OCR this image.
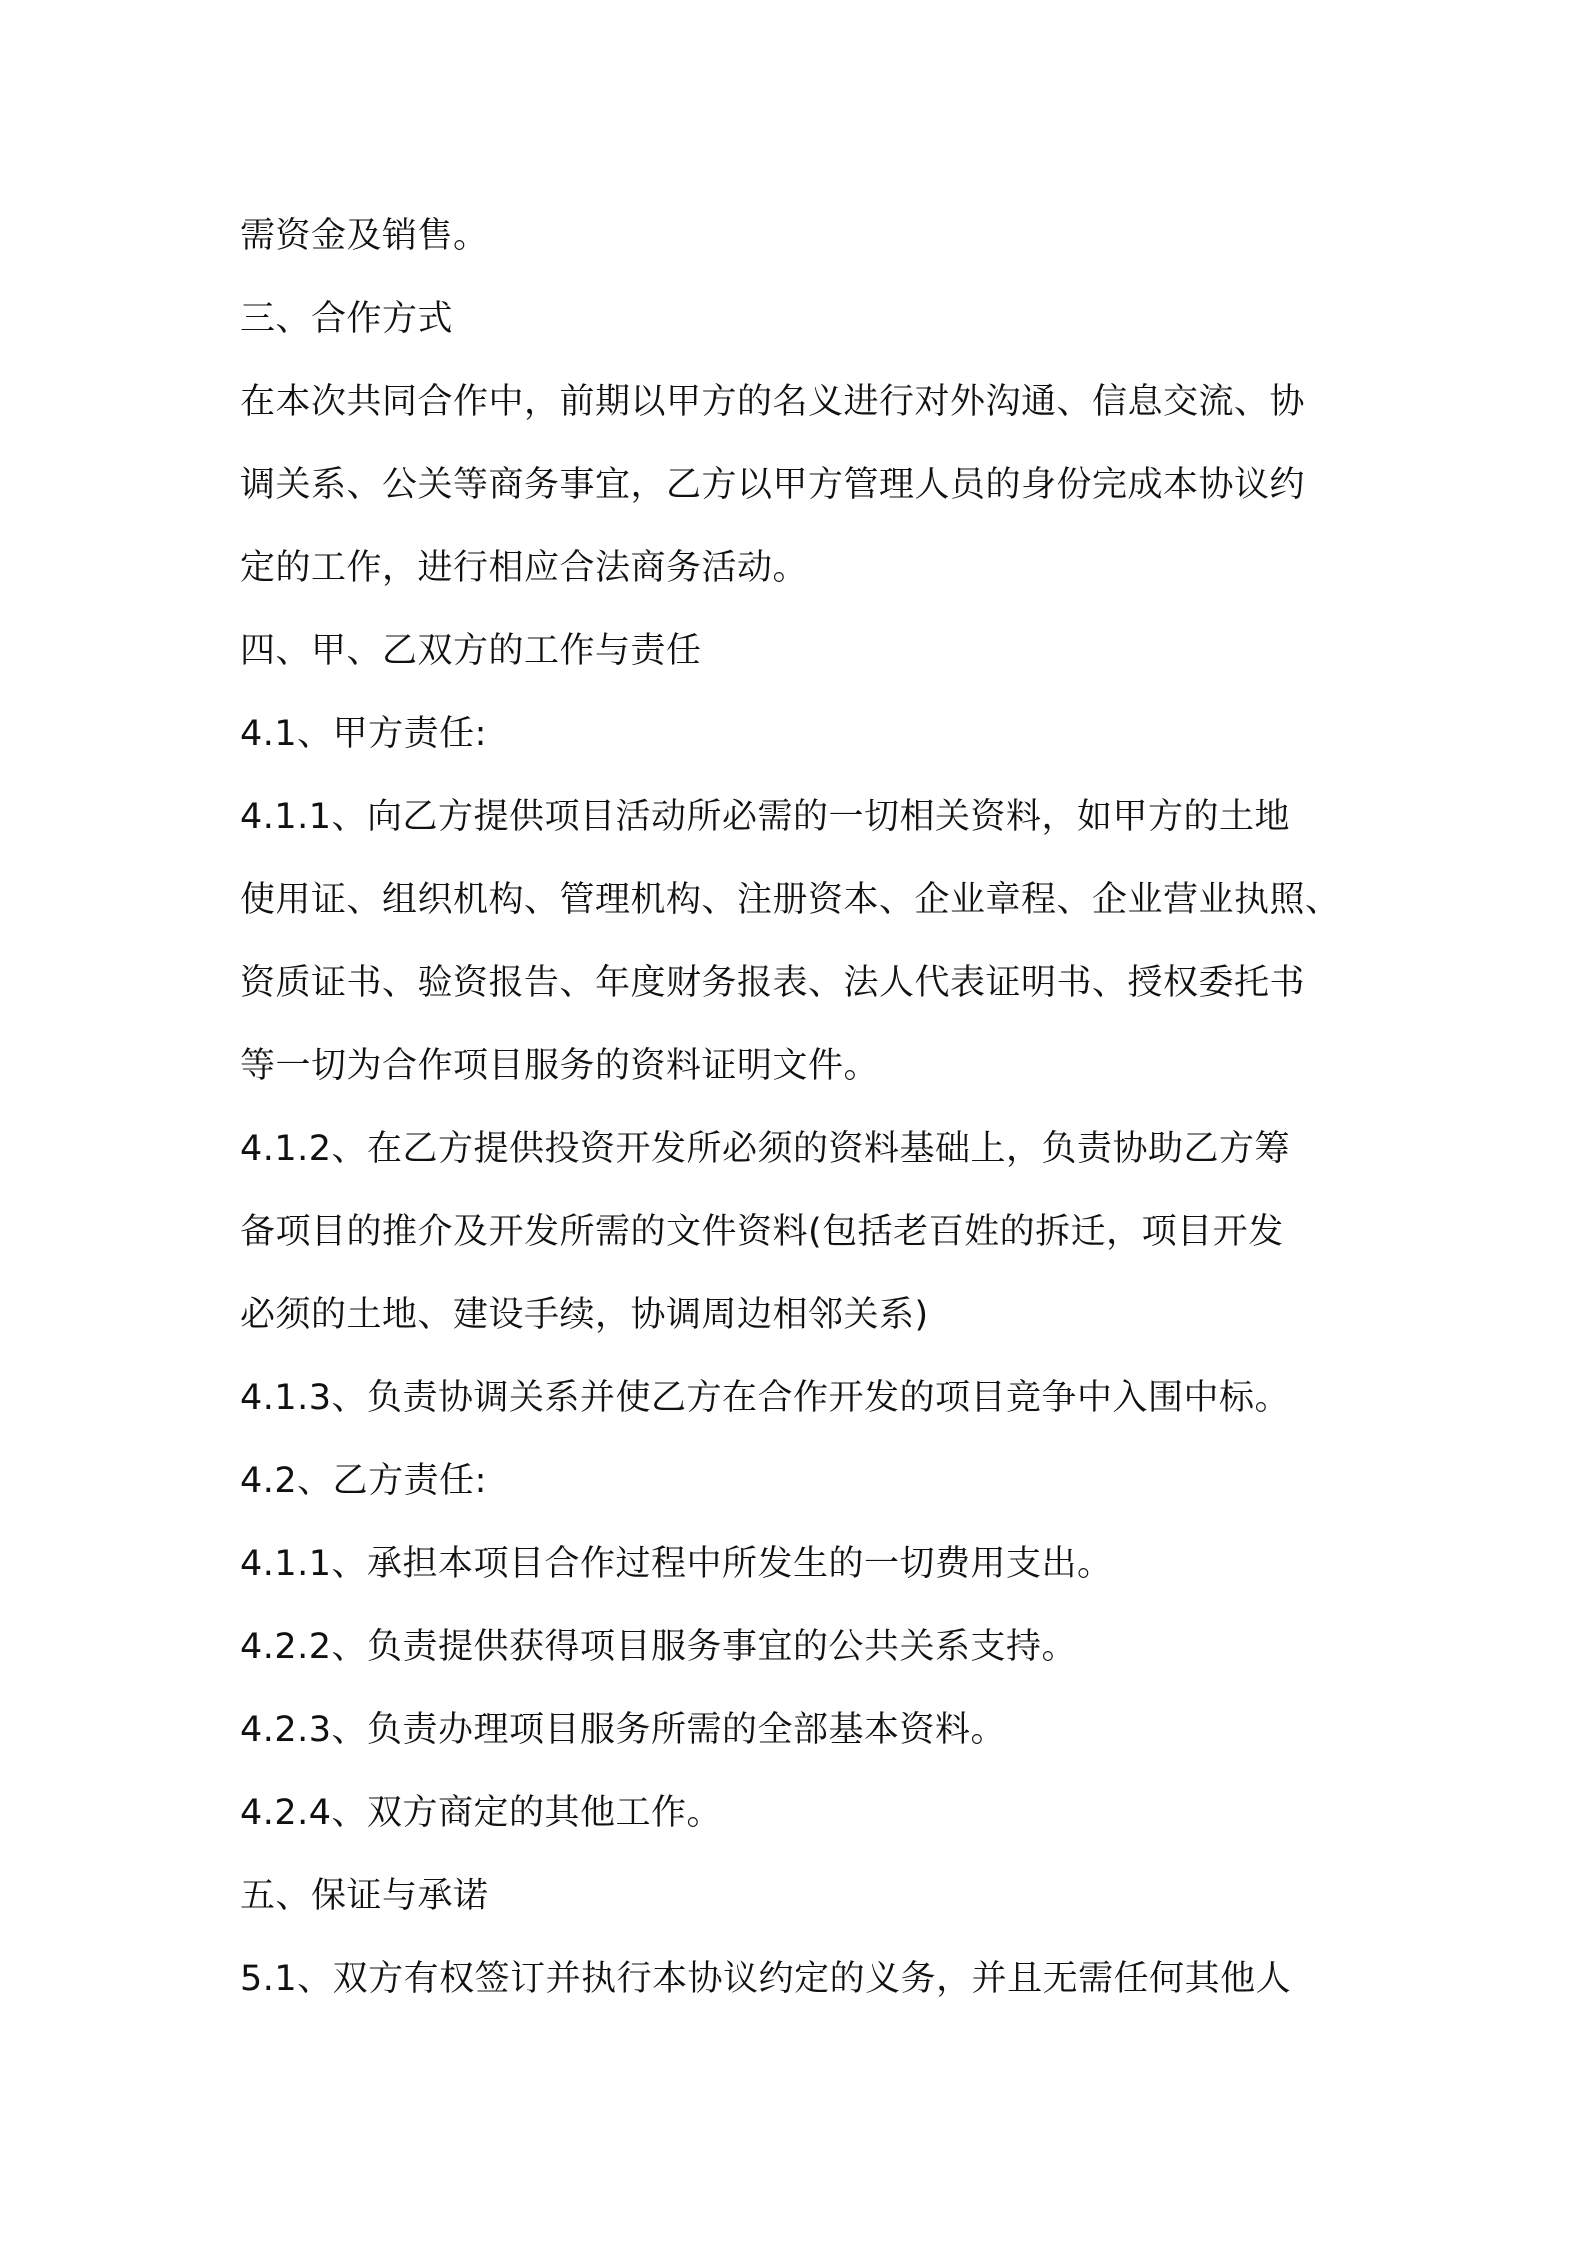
需资金及销售。

三、合作方式

在本次共同合作中，前期以甲方的名义进行对外沟通、信息交流、协

调关系、公关等商务事宜，乙方以甲方管理人员的身份完成本协议约

定的工作，进行相应合法商务活动。

四、甲、乙双方的工作与责任

4.1、甲方责任:

4.1.1、向乙方提供项目活动所必需的一切相关资料，如甲方的土地

使用证、组织机构、管理机构、注册资本、企业章程、企业营业执照、

资质证书、验资报告、年度财务报表、法人代表证明书、授权委托书

等一切为合作项目服务的资料证明文件。

4.1.2、在乙方提供投资开发所必须的资料基础上，负责协助乙方筹

备项目的推介及开发所需的文件资料(包括老百姓的拆迁，项目开发

必须的土地、建设手续，协调周边相邻关系)

4.1.3、负责协调关系并使乙方在合作开发的项目竞争中入围中标。

4.2、乙方责任:

4.1.1、承担本项目合作过程中所发生的一切费用支出。

4.2.2、负责提供获得项目服务事宜的公共关系支持。

4.2.3、负责办理项目服务所需的全部基本资料。

4.2.4、双方商定的其他工作。

五、保证与承诺

5.1、双方有权签订并执行本协议约定的义务，并且无需任何其他人
